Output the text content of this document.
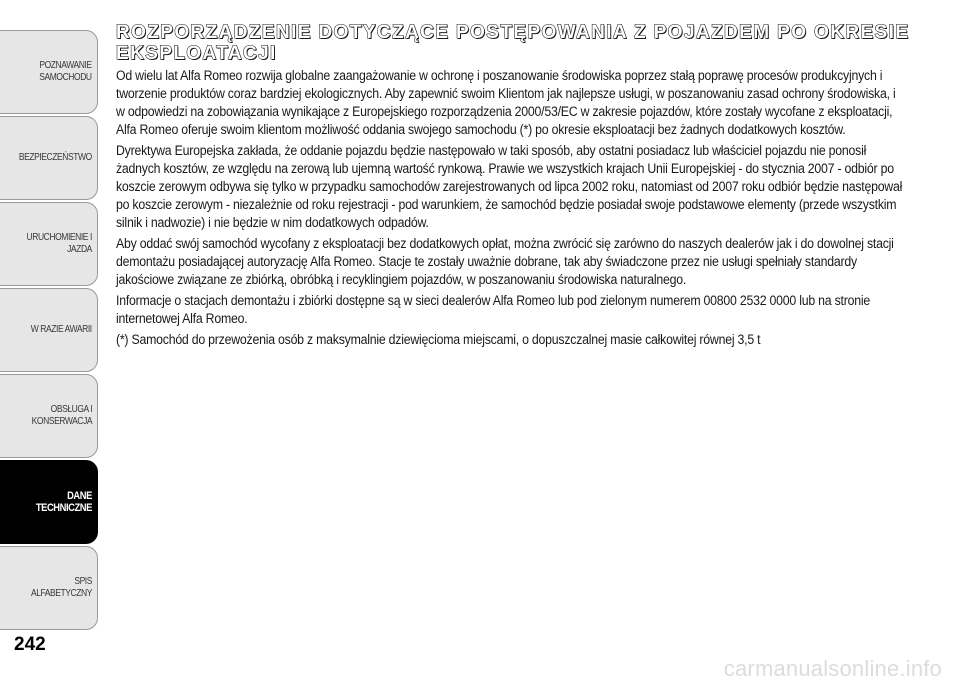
POZNAWANIE
SAMOCHODU
BEZPIECZEŃSTWO
URUCHOMIENIE I
JAZDA
W RAZIE AWARII
OBSŁUGA I
KONSERWACJA
DANE
TECHNICZNE
SPIS ALFABETYCZNY
242
ROZPORZĄDZENIE DOTYCZĄCE POSTĘPOWANIA Z POJAZDEM PO OKRESIE EKSPLOATACJI

Od wielu lat Alfa Romeo rozwija globalne zaangażowanie w ochronę i poszanowanie środowiska poprzez stałą poprawę procesów produkcyjnych i tworzenie produktów coraz bardziej ekologicznych. Aby zapewnić swoim Klientom jak najlepsze usługi, w poszanowaniu zasad ochrony środowiska, i w odpowiedzi na zobowiązania wynikające z Europejskiego rozporządzenia 2000/53/EC w zakresie pojazdów, które zostały wycofane z eksploatacji, Alfa Romeo oferuje swoim klientom możliwość oddania swojego samochodu (*) po okresie eksploatacji bez żadnych dodatkowych kosztów.

Dyrektywa Europejska zakłada, że oddanie pojazdu będzie następowało w taki sposób, aby ostatni posiadacz lub właściciel pojazdu nie ponosił żadnych kosztów, ze względu na zerową lub ujemną wartość rynkową. Prawie we wszystkich krajach Unii Europejskiej - do stycznia 2007 - odbiór po koszcie zerowym odbywa się tylko w przypadku samochodów zarejestrowanych od lipca 2002 roku, natomiast od 2007 roku odbiór będzie następował po koszcie zerowym - niezależnie od roku rejestracji - pod warunkiem, że samochód będzie posiadał swoje podstawowe elementy (przede wszystkim silnik i nadwozie) i nie będzie w nim dodatkowych odpadów.

Aby oddać swój samochód wycofany z eksploatacji bez dodatkowych opłat, można zwrócić się zarówno do naszych dealerów jak i do dowolnej stacji demontażu posiadającej autoryzację Alfa Romeo. Stacje te zostały uważnie dobrane, tak aby świadczone przez nie usługi spełniały standardy jakościowe związane ze zbiórką, obróbką i recyklingiem pojazdów, w poszanowaniu środowiska naturalnego.

Informacje o stacjach demontażu i zbiórki dostępne są w sieci dealerów Alfa Romeo lub pod zielonym numerem 00800 2532 0000 lub na stronie internetowej Alfa Romeo.

(*) Samochód do przewożenia osób z maksymalnie dziewięcioma miejscami, o dopuszczalnej masie całkowitej równej 3,5 t

carmanualsonline.info
